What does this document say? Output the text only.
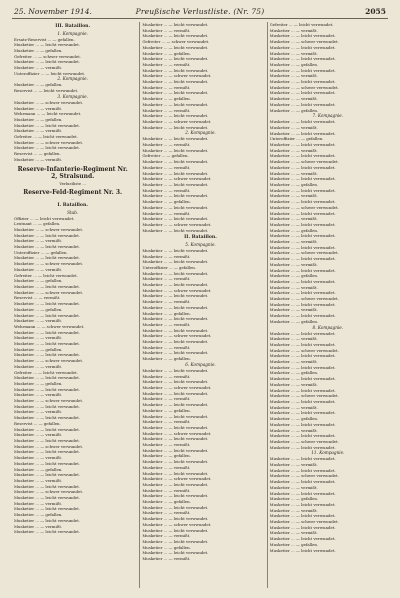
25. November 1914.	Preußische Verlustliste. (Nr. 75)	2055
III. Bataillon.
1. Kompagnie.
Ersatz-Reservist ... — gefallen.
Musketier ... — leicht verwundet.
Musketier ... — gefallen.
Gefreiter ... — schwer verwundet.
Musketier ... — leicht verwundet.
Musketier ... — vermißt.
Unteroffizier ... — leicht verwundet.
2. Kompagnie.
Musketier ... — gefallen.
Reservist ... — leicht verwundet.
3. Kompagnie.
Musketier ... — schwer verwundet.
Musketier ... — vermißt.
Wehrmann ... — leicht verwundet.
Musketier ... — gefallen.
Musketier ... — leicht verwundet.
Musketier ... — vermißt.
Gefreiter ... — leicht verwundet.
Musketier ... — schwer verwundet.
Musketier ... — leicht verwundet.
Reservist ... — gefallen.
Musketier ... — vermißt.
Reserve-Infanterie-Regiment Nr. 2, Stralsund.
Verlustliste ...
Reserve-Feld-Regiment Nr. 3.
...
I. Bataillon.
Stab.
Offizier ... — leicht verwundet.
Leutnant ... — gefallen.
Musketier ... — schwer verwundet.
Musketier ... — leicht verwundet.
Musketier ... — vermißt.
Musketier ... — leicht verwundet.
Unteroffizier ... — gefallen.
Musketier ... — leicht verwundet.
Musketier ... — schwer verwundet.
Musketier ... — vermißt.
Gefreiter ... — leicht verwundet.
Musketier ... — gefallen.
Musketier ... — leicht verwundet.
Musketier ... — schwer verwundet.
Reservist ... — vermißt.
Musketier ... — leicht verwundet.
Musketier ... — gefallen.
Musketier ... — leicht verwundet.
Musketier ... — vermißt.
Wehrmann ... — schwer verwundet.
Musketier ... — leicht verwundet.
Musketier ... — vermißt.
Musketier ... — leicht verwundet.
Musketier ... — gefallen.
Musketier ... — leicht verwundet.
Musketier ... — schwer verwundet.
Musketier ... — vermißt.
Gefreiter ... — leicht verwundet.
Musketier ... — leicht verwundet.
Musketier ... — gefallen.
Musketier ... — leicht verwundet.
Musketier ... — vermißt.
Musketier ... — schwer verwundet.
Musketier ... — leicht verwundet.
Musketier ... — vermißt.
Musketier ... — leicht verwundet.
Reservist ... — gefallen.
Musketier ... — leicht verwundet.
Musketier ... — vermißt.
Musketier ... — leicht verwundet.
Musketier ... — schwer verwundet.
Musketier ... — leicht verwundet.
Musketier ... — vermißt.
Musketier ... — leicht verwundet.
Musketier ... — gefallen.
Musketier ... — leicht verwundet.
Musketier ... — vermißt.
Musketier ... — leicht verwundet.
Musketier ... — schwer verwundet.
Musketier ... — leicht verwundet.
Musketier ... — vermißt.
Musketier ... — leicht verwundet.
Musketier ... — gefallen.
Musketier ... — leicht verwundet.
Musketier ... — vermißt.
Musketier ... — leicht verwundet.
Musketier ... — leicht verwundet.
Musketier ... — vermißt.
Musketier ... — leicht verwundet.
Gefreiter ... — schwer verwundet.
Musketier ... — leicht verwundet.
Musketier ... — gefallen.
Musketier ... — leicht verwundet.
Musketier ... — vermißt.
Musketier ... — leicht verwundet.
Musketier ... — schwer verwundet.
Musketier ... — leicht verwundet.
Musketier ... — vermißt.
Musketier ... — leicht verwundet.
Musketier ... — gefallen.
Musketier ... — leicht verwundet.
Musketier ... — vermißt.
Musketier ... — leicht verwundet.
Musketier ... — schwer verwundet.
Musketier ... — leicht verwundet.
2. Kompagnie.
Musketier ... — leicht verwundet.
Musketier ... — vermißt.
Musketier ... — leicht verwundet.
Gefreiter ... — gefallen.
Musketier ... — leicht verwundet.
Musketier ... — vermißt.
Musketier ... — leicht verwundet.
Musketier ... — schwer verwundet.
Musketier ... — leicht verwundet.
Musketier ... — vermißt.
Musketier ... — leicht verwundet.
Musketier ... — gefallen.
Musketier ... — leicht verwundet.
Musketier ... — vermißt.
Musketier ... — leicht verwundet.
Musketier ... — schwer verwundet.
Musketier ... — leicht verwundet.
II. Bataillon.
5. Kompagnie.
Musketier ... — leicht verwundet.
Musketier ... — vermißt.
Musketier ... — leicht verwundet.
Unteroffizier ... — gefallen.
Musketier ... — leicht verwundet.
Musketier ... — vermißt.
Musketier ... — leicht verwundet.
Musketier ... — schwer verwundet.
Musketier ... — leicht verwundet.
Musketier ... — vermißt.
Musketier ... — leicht verwundet.
Musketier ... — gefallen.
Musketier ... — leicht verwundet.
Musketier ... — vermißt.
Musketier ... — leicht verwundet.
Musketier ... — schwer verwundet.
Musketier ... — leicht verwundet.
Musketier ... — vermißt.
Musketier ... — leicht verwundet.
Musketier ... — gefallen.
6. Kompagnie.
Musketier ... — leicht verwundet.
Musketier ... — vermißt.
Musketier ... — leicht verwundet.
Musketier ... — schwer verwundet.
Musketier ... — leicht verwundet.
Musketier ... — vermißt.
Musketier ... — leicht verwundet.
Musketier ... — gefallen.
Musketier ... — leicht verwundet.
Musketier ... — vermißt.
Musketier ... — leicht verwundet.
Musketier ... — schwer verwundet.
Musketier ... — leicht verwundet.
Musketier ... — vermißt.
Musketier ... — leicht verwundet.
Musketier ... — gefallen.
Musketier ... — leicht verwundet.
Musketier ... — vermißt.
Musketier ... — leicht verwundet.
Musketier ... — schwer verwundet.
Musketier ... — leicht verwundet.
Musketier ... — vermißt.
Musketier ... — leicht verwundet.
Musketier ... — gefallen.
Musketier ... — leicht verwundet.
Musketier ... — vermißt.
Musketier ... — leicht verwundet.
Musketier ... — schwer verwundet.
Musketier ... — leicht verwundet.
Musketier ... — vermißt.
Musketier ... — leicht verwundet.
Musketier ... — gefallen.
Musketier ... — leicht verwundet.
Musketier ... — vermißt.
Gefreiter ... — leicht verwundet.
Musketier ... — vermißt.
Musketier ... — leicht verwundet.
Musketier ... — schwer verwundet.
Musketier ... — leicht verwundet.
Musketier ... — vermißt.
Musketier ... — leicht verwundet.
Musketier ... — gefallen.
Musketier ... — leicht verwundet.
Musketier ... — vermißt.
Musketier ... — leicht verwundet.
Musketier ... — schwer verwundet.
Musketier ... — leicht verwundet.
Musketier ... — vermißt.
Musketier ... — leicht verwundet.
Musketier ... — gefallen.
7. Kompagnie.
Musketier ... — leicht verwundet.
Musketier ... — vermißt.
Musketier ... — leicht verwundet.
Unteroffizier ... — gefallen.
Musketier ... — leicht verwundet.
Musketier ... — vermißt.
Musketier ... — leicht verwundet.
Musketier ... — schwer verwundet.
Musketier ... — leicht verwundet.
Musketier ... — vermißt.
Musketier ... — leicht verwundet.
Musketier ... — gefallen.
Musketier ... — leicht verwundet.
Musketier ... — vermißt.
Musketier ... — leicht verwundet.
Musketier ... — schwer verwundet.
Musketier ... — leicht verwundet.
Musketier ... — vermißt.
Musketier ... — leicht verwundet.
Musketier ... — gefallen.
Musketier ... — leicht verwundet.
Musketier ... — vermißt.
Musketier ... — leicht verwundet.
Musketier ... — schwer verwundet.
Musketier ... — leicht verwundet.
Musketier ... — vermißt.
Musketier ... — leicht verwundet.
Musketier ... — gefallen.
Musketier ... — leicht verwundet.
Musketier ... — vermißt.
Musketier ... — leicht verwundet.
Musketier ... — schwer verwundet.
Musketier ... — leicht verwundet.
Musketier ... — vermißt.
Musketier ... — leicht verwundet.
Musketier ... — gefallen.
8. Kompagnie.
Musketier ... — leicht verwundet.
Musketier ... — vermißt.
Musketier ... — leicht verwundet.
Musketier ... — schwer verwundet.
Musketier ... — leicht verwundet.
Musketier ... — vermißt.
Musketier ... — leicht verwundet.
Musketier ... — gefallen.
Musketier ... — leicht verwundet.
Musketier ... — vermißt.
Musketier ... — leicht verwundet.
Musketier ... — schwer verwundet.
Musketier ... — leicht verwundet.
Musketier ... — vermißt.
Musketier ... — leicht verwundet.
Musketier ... — gefallen.
Musketier ... — leicht verwundet.
Musketier ... — vermißt.
Musketier ... — leicht verwundet.
Musketier ... — schwer verwundet.
Musketier ... — leicht verwundet.
11. Kompagnie.
Musketier ... — leicht verwundet.
Musketier ... — vermißt.
Musketier ... — leicht verwundet.
Musketier ... — schwer verwundet.
Musketier ... — leicht verwundet.
Musketier ... — vermißt.
Musketier ... — leicht verwundet.
Musketier ... — gefallen.
Musketier ... — leicht verwundet.
Musketier ... — vermißt.
Musketier ... — leicht verwundet.
Musketier ... — schwer verwundet.
Musketier ... — leicht verwundet.
Musketier ... — vermißt.
Musketier ... — leicht verwundet.
Musketier ... — gefallen.
Musketier ... — leicht verwundet.
